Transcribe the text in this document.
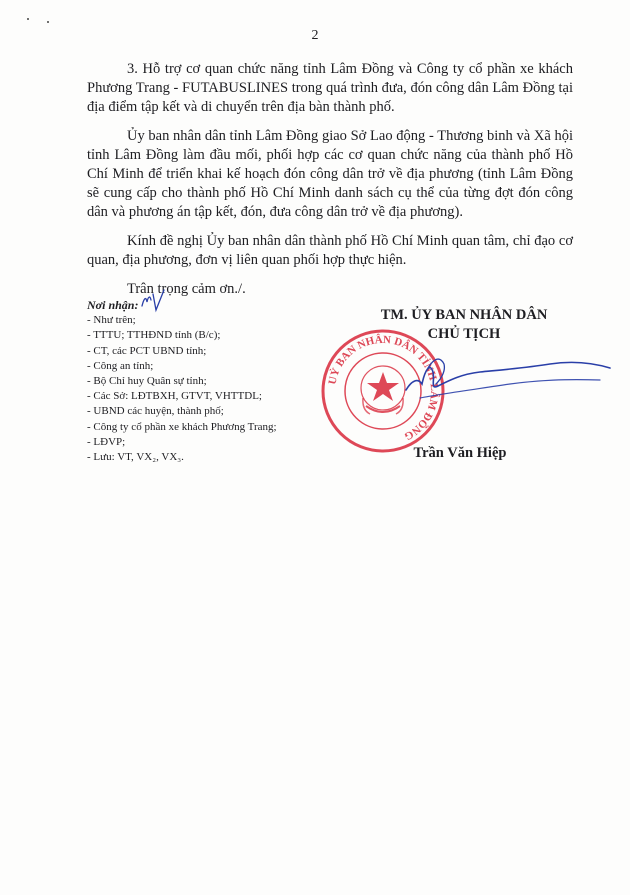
2

3. Hỗ trợ cơ quan chức năng tỉnh Lâm Đồng và Công ty cổ phần xe khách Phương Trang - FUTABUSLINES trong quá trình đưa, đón công dân Lâm Đồng tại địa điểm tập kết và di chuyển trên địa bàn thành phố.

Ủy ban nhân dân tỉnh Lâm Đồng giao Sở Lao động - Thương binh và Xã hội tỉnh Lâm Đồng làm đầu mối, phối hợp các cơ quan chức năng của thành phố Hồ Chí Minh để triển khai kế hoạch đón công dân trở về địa phương (tỉnh Lâm Đồng sẽ cung cấp cho thành phố Hồ Chí Minh danh sách cụ thể của từng đợt đón công dân và phương án tập kết, đón, đưa công dân trở về địa phương).

Kính đề nghị Ủy ban nhân dân thành phố Hồ Chí Minh quan tâm, chỉ đạo cơ quan, địa phương, đơn vị liên quan phối hợp thực hiện.

Trân trọng cảm ơn./.
Nơi nhận:
- Như trên;
- TTTU; TTHĐND tỉnh (B/c);
- CT, các PCT UBND tỉnh;
- Công an tỉnh;
- Bộ Chỉ huy Quân sự tỉnh;
- Các Sở: LĐTBXH, GTVT, VHTTDL;
- UBND các huyện, thành phố;
- Công ty cổ phần xe khách Phương Trang;
- LĐVP;
- Lưu: VT, VX₂, VX₃.
TM. ỦY BAN NHÂN DÂN
CHỦ TỊCH
UỶ BAN NHÂN DÂN TỈNH LÂM ĐỒNG
Trần Văn Hiệp
